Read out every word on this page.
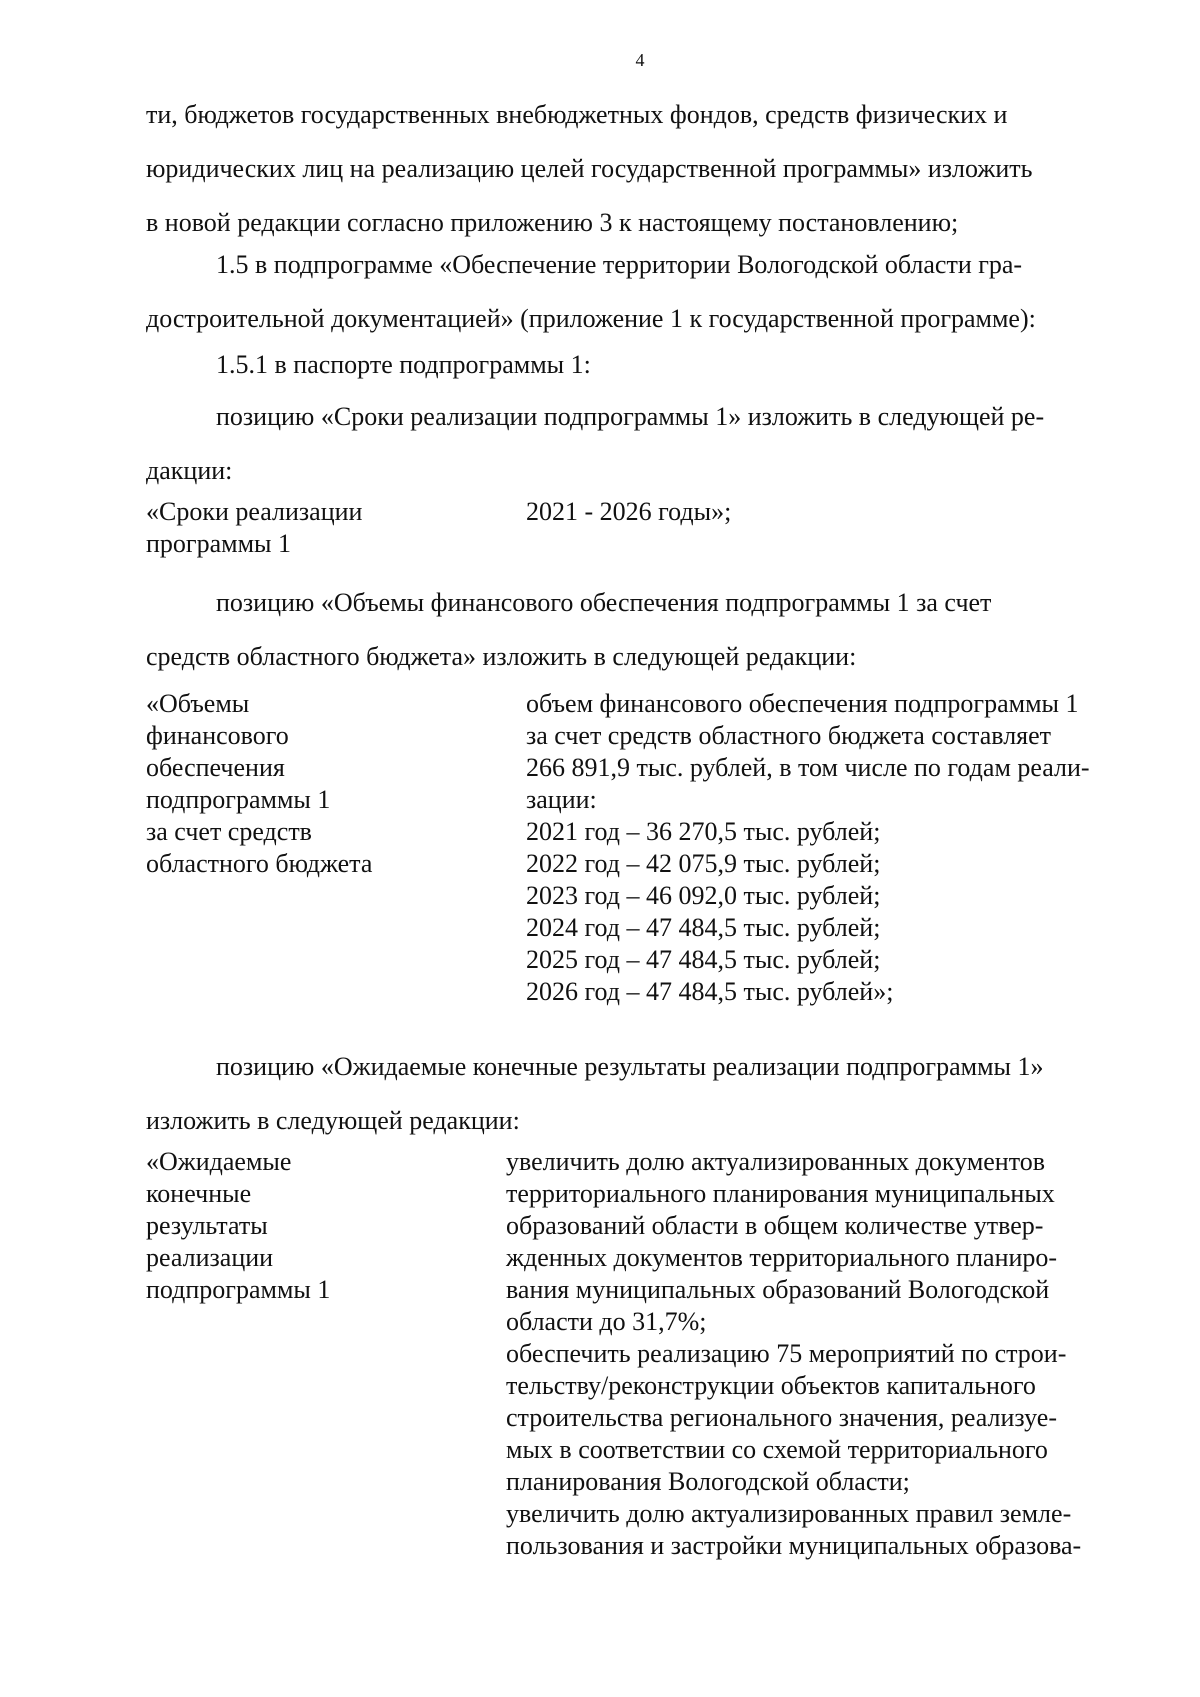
4

ти, бюджетов государственных внебюджетных фондов, средств физических и

юридических лиц на реализацию целей государственной программы» изложить

в новой редакции согласно приложению 3 к настоящему постановлению;

1.5 в подпрограмме «Обеспечение территории Вологодской области гра-

достроительной документацией» (приложение 1 к государственной программе):

1.5.1 в паспорте подпрограммы 1:

позицию «Сроки реализации подпрограммы 1» изложить в следующей ре-

дакции:

«Сроки реализации
программы 1
2021 - 2026 годы»;

позицию «Объемы финансового обеспечения подпрограммы 1 за счет

средств областного бюджета» изложить в следующей редакции:

«Объемы
финансового
обеспечения
подпрограммы 1
за счет средств
областного бюджета
объем финансового обеспечения подпрограммы 1
за счет средств областного бюджета составляет
266 891,9 тыс. рублей, в том числе по годам реали-
зации:
2021 год – 36 270,5 тыс. рублей;
2022 год – 42 075,9 тыс. рублей;
2023 год – 46 092,0 тыс. рублей;
2024 год – 47 484,5 тыс. рублей;
2025 год – 47 484,5 тыс. рублей;
2026 год – 47 484,5 тыс. рублей»;

позицию «Ожидаемые конечные результаты реализации подпрограммы 1»

изложить в следующей редакции:

«Ожидаемые
конечные
результаты
реализации
подпрограммы 1
увеличить долю актуализированных документов
территориального планирования муниципальных
образований области в общем количестве утвер-
жденных документов территориального планиро-
вания муниципальных образований Вологодской
области до 31,7%;
обеспечить реализацию 75 мероприятий по строи-
тельству/реконструкции объектов капитального
строительства регионального значения, реализуе-
мых в соответствии со схемой территориального
планирования Вологодской области;
увеличить долю актуализированных правил земле-
пользования и застройки муниципальных образова-
